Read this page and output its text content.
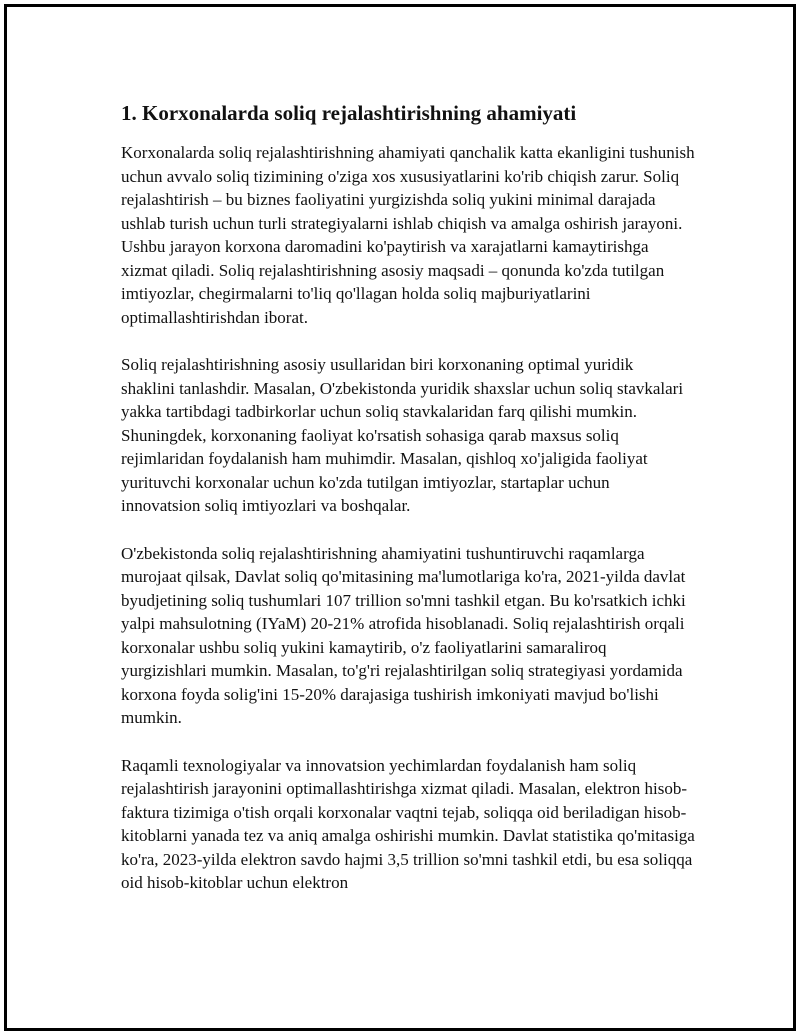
1. Korxonalarda soliq rejalashtirishning ahamiyati

Korxonalarda soliq rejalashtirishning ahamiyati qanchalik katta ekanligini tushunish uchun avvalo soliq tizimining o'ziga xos xususiyatlarini ko'rib chiqish zarur. Soliq rejalashtirish – bu biznes faoliyatini yurgizishda soliq yukini minimal darajada ushlab turish uchun turli strategiyalarni ishlab chiqish va amalga oshirish jarayoni. Ushbu jarayon korxona daromadini ko'paytirish va xarajatlarni kamaytirishga xizmat qiladi. Soliq rejalashtirishning asosiy maqsadi – qonunda ko'zda tutilgan imtiyozlar, chegirmalarni to'liq qo'llagan holda soliq majburiyatlarini optimallashtirishdan iborat.

Soliq rejalashtirishning asosiy usullaridan biri korxonaning optimal yuridik shaklini tanlashdir. Masalan, O'zbekistonda yuridik shaxslar uchun soliq stavkalari yakka tartibdagi tadbirkorlar uchun soliq stavkalaridan farq qilishi mumkin. Shuningdek, korxonaning faoliyat ko'rsatish sohasiga qarab maxsus soliq rejimlaridan foydalanish ham muhimdir. Masalan, qishloq xo'jaligida faoliyat yurituvchi korxonalar uchun ko'zda tutilgan imtiyozlar, startaplar uchun innovatsion soliq imtiyozlari va boshqalar.

O'zbekistonda soliq rejalashtirishning ahamiyatini tushuntiruvchi raqamlarga murojaat qilsak, Davlat soliq qo'mitasining ma'lumotlariga ko'ra, 2021-yilda davlat byudjetining soliq tushumlari 107 trillion so'mni tashkil etgan. Bu ko'rsatkich ichki yalpi mahsulotning (IYaM) 20-21% atrofida hisoblanadi. Soliq rejalashtirish orqali korxonalar ushbu soliq yukini kamaytirib, o'z faoliyatlarini samaraliroq yurgizishlari mumkin. Masalan, to'g'ri rejalashtirilgan soliq strategiyasi yordamida korxona foyda solig'ini 15-20% darajasiga tushirish imkoniyati mavjud bo'lishi mumkin.

Raqamli texnologiyalar va innovatsion yechimlardan foydalanish ham soliq rejalashtirish jarayonini optimallashtirishga xizmat qiladi. Masalan, elektron hisob-faktura tizimiga o'tish orqali korxonalar vaqtni tejab, soliqqa oid beriladigan hisob-kitoblarni yanada tez va aniq amalga oshirishi mumkin. Davlat statistika qo'mitasiga ko'ra, 2023-yilda elektron savdo hajmi 3,5 trillion so'mni tashkil etdi, bu esa soliqqa oid hisob-kitoblar uchun elektron
